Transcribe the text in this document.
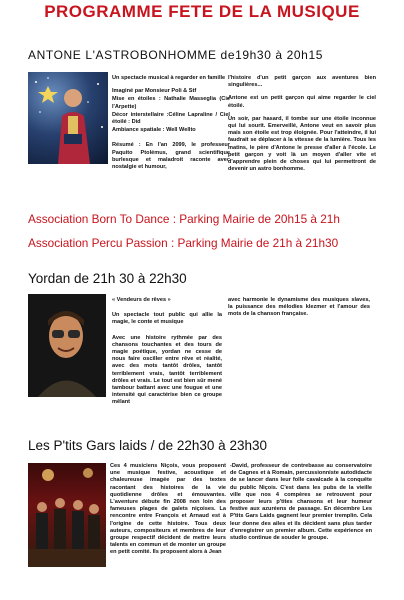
PROGRAMME FETE DE LA MUSIQUE
ANTONE L'ASTROBONHOMME de19h30 à 20h15

Un spectacle musical à regarder en famille

Imaginé par Monsieur Poli & Stf

Mise en étoiles : Nathalie Masseglia (Cie l'Arpette)

Décor interstellaire :Céline Lapraline / Ciel étoilé : Did

Ambiance spatiale : Well Wellto

Résumé : En l'an 2099, le professeur Paquito Ptolémus, grand scientifique burlesque et maladroit raconte avec nostalgie et humour,

l'histoire d'un petit garçon aux aventures bien singulières...

Antone est un petit garçon qui aime regarder le ciel étoilé.

Un soir, par hasard, il tombe sur une étoile inconnue qui lui sourit. Emerveillé, Antone veut en savoir plus mais son étoile est trop éloignée. Pour l'atteindre, il lui faudrait se déplacer à la vitesse de la lumière. Tous les matins, le père d'Antone le presse d'aller à l'école. Le petit garçon y voit là un moyen d'aller vite et d'apprendre plein de choses qui lui permettront de devenir un astro bonhomme.

Association Born To Dance : Parking Mairie de 20h15 à 21h
Association Percu Passion : Parking Mairie de 21h à 21h30
Yordan de 21h 30 à 22h30

« Vendeurs de rêves »

Un spectacle tout public qui allie la magie, le conte et musique

Avec une histoire rythmée par des chansons touchantes et des tours de magie poétique, yordan ne cesse de nous faire osciller entre rêve et réalité, avec des mots tantôt drôles, tantôt terriblement vrais, tantôt terriblement drôles et vrais. Le tout est bien sûr mené tambour battant avec une fougue et une intensité qui caractérise bien ce groupe mêlant

avec harmonie le dynamisme des musiques slaves, la puissance des mélodies klezmer et l'amour des mots de la chanson française.

Les P'tits Gars laids / de 22h30 à 23h30

Ces 4 musiciens Niçois, vous proposent une musique festive, acoustique et chaleureuse imagée par des textes racontant des histoires de la vie quotidienne drôles et émouvantes. L'aventure débute fin 2008 non loin des fameuses plages de galets niçoises. La rencontre entre François et Arnaud est à l'origine de cette histoire. Tous deux auteurs, compositeurs et membres de leur groupe respectif décident de mettre leurs talents en commun et de monter un groupe en petit comité. Ils proposent alors à Jean

-David, professeur de contrebasse au conservatoire de Cagnes et à Romain, percussionniste autodidacte de se lancer dans leur folle cavalcade à la conquête du public Niçois. C'est dans les pubs de la vieille ville que nos 4 compères se retrouvent pour proposer leurs p'tites chansons et leur humeur festive aux azuréens de passage. En décembre Les P'tits Gars Laids gagnent leur premier tremplin. Cela leur donne des ailes et ils décident sans plus tarder d'enregistrer un premier album. Cette expérience en studio continue de souder le groupe.
